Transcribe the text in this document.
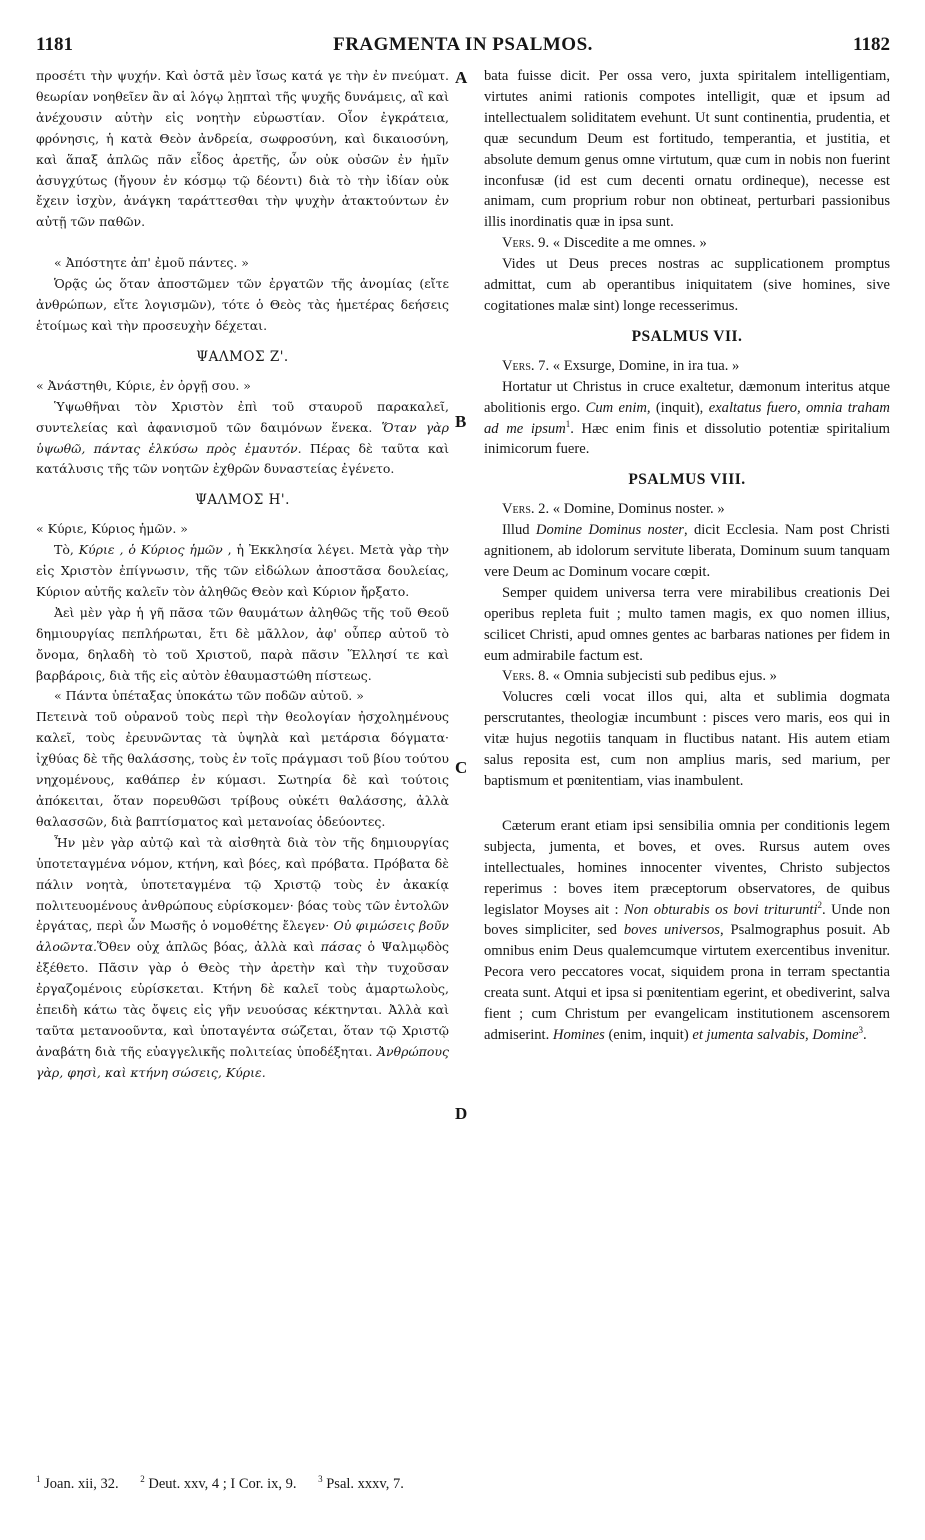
1181	FRAGMENTA IN PSALMOS.	1182
A
B
C
D

προσέτι τὴν ψυχήν. Καὶ ὀστᾶ μὲν ἴσως κατά γε τὴν ἐν πνεύματ. θεωρίαν νοηθεῖεν ἂν αἱ λόγῳ λῃπταὶ τῆς ψυχῆς δυνάμεις, αἳ καὶ ἀνέχουσιν αὐτὴν εἰς νοητὴν εὐρωστίαν. Οἷον ἐγκράτεια, φρόνησις, ἡ κατὰ Θεὸν ἀνδρεία, σωφροσύνη, καὶ δικαιοσύνη, καὶ ἅπαξ ἁπλῶς πᾶν εἶδος ἀρετῆς, ὧν οὐκ οὐσῶν ἐν ἡμῖν ἀσυγχύτως (ἤγουν ἐν κόσμῳ τῷ δέοντι) διὰ τὸ τὴν ἰδίαν οὐκ ἔχειν ἰσχὺν, ἀνάγκη ταράττεσθαι τὴν ψυχὴν ἀτακτούντων ἐν αὐτῇ τῶν παθῶν.

« Ἀπόστητε ἀπ' ἐμοῦ πάντες. »

Ὁρᾷς ὡς ὅταν ἀποστῶμεν τῶν ἐργατῶν τῆς ἀνομίας (εἴτε ἀνθρώπων, εἴτε λογισμῶν), τότε ὁ Θεὸς τὰς ἡμετέρας δεήσεις ἑτοίμως καὶ τὴν προσευχὴν δέχεται.

ΨΑΛΜΟΣ Ζ'.

« Ἀνάστηθι, Κύριε, ἐν ὀργῇ σου. »

Ὑψωθῆναι τὸν Χριστὸν ἐπὶ τοῦ σταυροῦ παρακαλεῖ, συντελείας καὶ ἀφανισμοῦ τῶν δαιμόνων ἕνεκα. Ὅταν γὰρ ὑψωθῶ, πάντας ἑλκύσω πρὸς ἐμαυτόν. Πέρας δὲ ταῦτα καὶ κατάλυσις τῆς τῶν νοητῶν ἐχθρῶν δυναστείας ἐγένετο.

ΨΑΛΜΟΣ Η'.

« Κύριε, Κύριος ἡμῶν. »

Τὸ, Κύριε , ὁ Κύριος ἡμῶν , ἡ Ἐκκλησία λέγει. Μετὰ γὰρ τὴν εἰς Χριστὸν ἐπίγνωσιν, τῆς τῶν εἰδώλων ἀποστᾶσα δουλείας, Κύριον αὐτῆς καλεῖν τὸν ἀληθῶς Θεὸν καὶ Κύριον ἤρξατο.

Ἀεὶ μὲν γὰρ ἡ γῆ πᾶσα τῶν θαυμάτων ἀληθῶς τῆς τοῦ Θεοῦ δημιουργίας πεπλήρωται, ἔτι δὲ μᾶλλον, ἀφ' οὗπερ αὐτοῦ τὸ ὄνομα, δηλαδὴ τὸ τοῦ Χριστοῦ, παρὰ πᾶσιν Ἕλλησί τε καὶ βαρβάροις, διὰ τῆς εἰς αὐτὸν ἐθαυμαστώθη πίστεως.

« Πάντα ὑπέταξας ὑποκάτω τῶν ποδῶν αὐτοῦ. »

Πετεινὰ τοῦ οὐρανοῦ τοὺς περὶ τὴν θεολογίαν ἠσχολημένους καλεῖ, τοὺς ἐρευνῶντας τὰ ὑψηλὰ καὶ μετάρσια δόγματα· ἰχθύας δὲ τῆς θαλάσσης, τοὺς ἐν τοῖς πράγμασι τοῦ βίου τούτου νηχομένους, καθάπερ ἐν κύμασι. Σωτηρία δὲ καὶ τούτοις ἀπόκειται, ὅταν πορευθῶσι τρίβους οὐκέτι θαλάσσης, ἀλλὰ θαλασσῶν, διὰ βαπτίσματος καὶ μετανοίας ὁδεύοντες.

Ἦν μὲν γὰρ αὐτῷ καὶ τὰ αἰσθητὰ διὰ τὸν τῆς δημιουργίας ὑποτεταγμένα νόμον, κτήνη, καὶ βόες, καὶ πρόβατα. Πρόβατα δὲ πάλιν νοητὰ, ὑποτεταγμένα τῷ Χριστῷ τοὺς ἐν ἀκακίᾳ πολιτευομένους ἀνθρώπους εὑρίσκομεν· βόας τοὺς τῶν ἐντολῶν ἐργάτας, περὶ ὧν Μωσῆς ὁ νομοθέτης ἔλεγεν· Οὐ φιμώσεις βοῦν ἀλοῶντα.Ὅθεν οὐχ ἁπλῶς βόας, ἀλλὰ καὶ πάσας ὁ Ψαλμῳδὸς ἐξέθετο. Πᾶσιν γὰρ ὁ Θεὸς τὴν ἀρετὴν καὶ τὴν τυχοῦσαν ἐργαζομένοις εὑρίσκεται. Κτήνη δὲ καλεῖ τοὺς ἁμαρτωλοὺς, ἐπειδὴ κάτω τὰς ὄψεις εἰς γῆν νευούσας κέκτηνται. Ἀλλὰ καὶ ταῦτα μετανοοῦντα, καὶ ὑποταγέντα σώζεται, ὅταν τῷ Χριστῷ ἀναβάτη διὰ τῆς εὐαγγελικῆς πολιτείας ὑποδέξηται. Ἀνθρώπους γὰρ, φησὶ, καὶ κτήνη σώσεις, Κύριε.

bata fuisse dicit. Per ossa vero, juxta spiritalem intelligentiam, virtutes animi rationis compotes intelligit, quæ et ipsum ad intellectualem soliditatem evehunt. Ut sunt continentia, prudentia, et quæ secundum Deum est fortitudo, temperantia, et justitia, et absolute demum genus omne virtutum, quæ cum in nobis non fuerint inconfusæ (id est cum decenti ornatu ordineque), necesse est animam, cum proprium robur non obtineat, perturbari passionibus illis inordinatis quæ in ipsa sunt.

Vers. 9. « Discedite a me omnes. »

Vides ut Deus preces nostras ac supplicationem promptus admittat, cum ab operantibus iniquitatem (sive homines, sive cogitationes malæ sint) longe recesserimus.

PSALMUS VII.

Vers. 7. « Exsurge, Domine, in ira tua. »

Hortatur ut Christus in cruce exaltetur, dæmonum interitus atque abolitionis ergo. Cum enim, (inquit), exaltatus fuero, omnia traham ad me ipsum$^1$. Hæc enim finis et dissolutio potentiæ spiritalium inimicorum fuere.

PSALMUS VIII.

Vers. 2. « Domine, Dominus noster. »

Illud Domine Dominus noster, dicit Ecclesia. Nam post Christi agnitionem, ab idolorum servitute liberata, Dominum suum tanquam vere Deum ac Dominum vocare cœpit.

Semper quidem universa terra vere mirabilibus creationis Dei operibus repleta fuit ; multo tamen magis, ex quo nomen illius, scilicet Christi, apud omnes gentes ac barbaras nationes per fidem in eum admirabile factum est.

Vers. 8. « Omnia subjecisti sub pedibus ejus. »

Volucres cœli vocat illos qui, alta et sublimia dogmata perscrutantes, theologiæ incumbunt : pisces vero maris, eos qui in vitæ hujus negotiis tanquam in fluctibus natant. His autem etiam salus reposita est, cum non amplius maris, sed marium, per baptismum et pœnitentiam, vias inambulent.

Cæterum erant etiam ipsi sensibilia omnia per conditionis legem subjecta, jumenta, et boves, et oves. Rursus autem oves intellectuales, homines innocenter viventes, Christo subjectos reperimus : boves item præceptorum observatores, de quibus legislator Moyses ait : Non obturabis os bovi triturunti$^2$. Unde non boves simpliciter, sed boves universos, Psalmographus posuit. Ab omnibus enim Deus qualemcumque virtutem exercentibus invenitur. Pecora vero peccatores vocat, siquidem prona in terram spectantia creata sunt. Atqui et ipsa si pœnitentiam egerint, et obediverint, salva fient ; cum Christum per evangelicam institutionem ascensorem admiserint. Homines (enim, inquit) et jumenta salvabis, Domine$^3$.

$^1$ Joan. xii, 32. $^2$ Deut. xxv, 4 ; I Cor. ix, 9. $^3$ Psal. xxxv, 7.
